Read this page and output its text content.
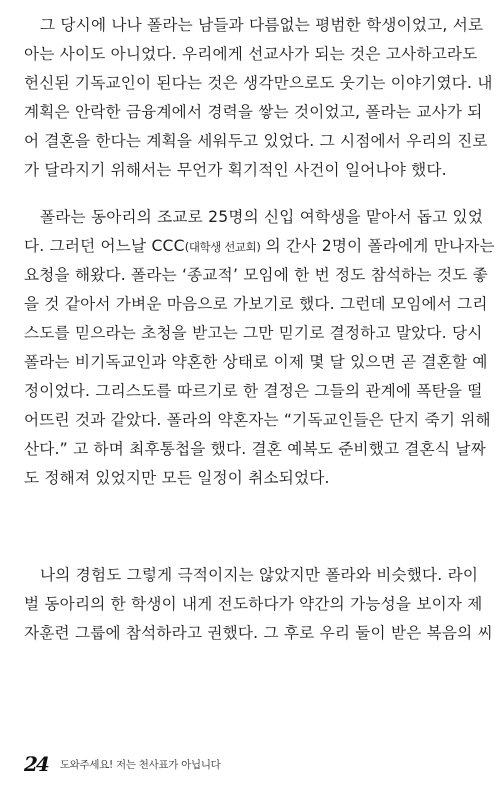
그 당시에 나나 폴라는 남들과 다름없는 평범한 학생이었고, 서로
아는 사이도 아니었다. 우리에게 선교사가 되는 것은 고사하고라도
헌신된 기독교인이 된다는 것은 생각만으로도 웃기는 이야기였다. 내
계획은 안락한 금융계에서 경력을 쌓는 것이었고, 폴라는 교사가 되
어 결혼을 한다는 계획을 세워두고 있었다. 그 시점에서 우리의 진로
가 달라지기 위해서는 무언가 획기적인 사건이 일어나야 했다.
폴라는 동아리의 조교로 25명의 신입 여학생을 맡아서 돕고 있었
다. 그러던 어느날 CCC(대학생 선교회) 의 간사 2명이 폴라에게 만나자는
요청을 해왔다. 폴라는 ‘종교적’ 모임에 한 번 정도 참석하는 것도 좋
을 것 같아서 가벼운 마음으로 가보기로 했다. 그런데 모임에서 그리
스도를 믿으라는 초청을 받고는 그만 믿기로 결정하고 말았다. 당시
폴라는 비기독교인과 약혼한 상태로 이제 몇 달 있으면 곧 결혼할 예
정이었다. 그리스도를 따르기로 한 결정은 그들의 관계에 폭탄을 떨
어뜨린 것과 같았다. 폴라의 약혼자는 “기독교인들은 단지 죽기 위해
산다.” 고 하며 최후통첩을 했다. 결혼 예복도 준비했고 결혼식 날짜
도 정해져 있었지만 모든 일정이 취소되었다.
나의 경험도 그렇게 극적이지는 않았지만 폴라와 비슷했다. 라이
벌 동아리의 한 학생이 내게 전도하다가 약간의 가능성을 보이자 제
자훈련 그룹에 참석하라고 권했다. 그 후로 우리 둘이 받은 복음의 씨
24 도와주세요! 저는 천사표가 아닙니다
